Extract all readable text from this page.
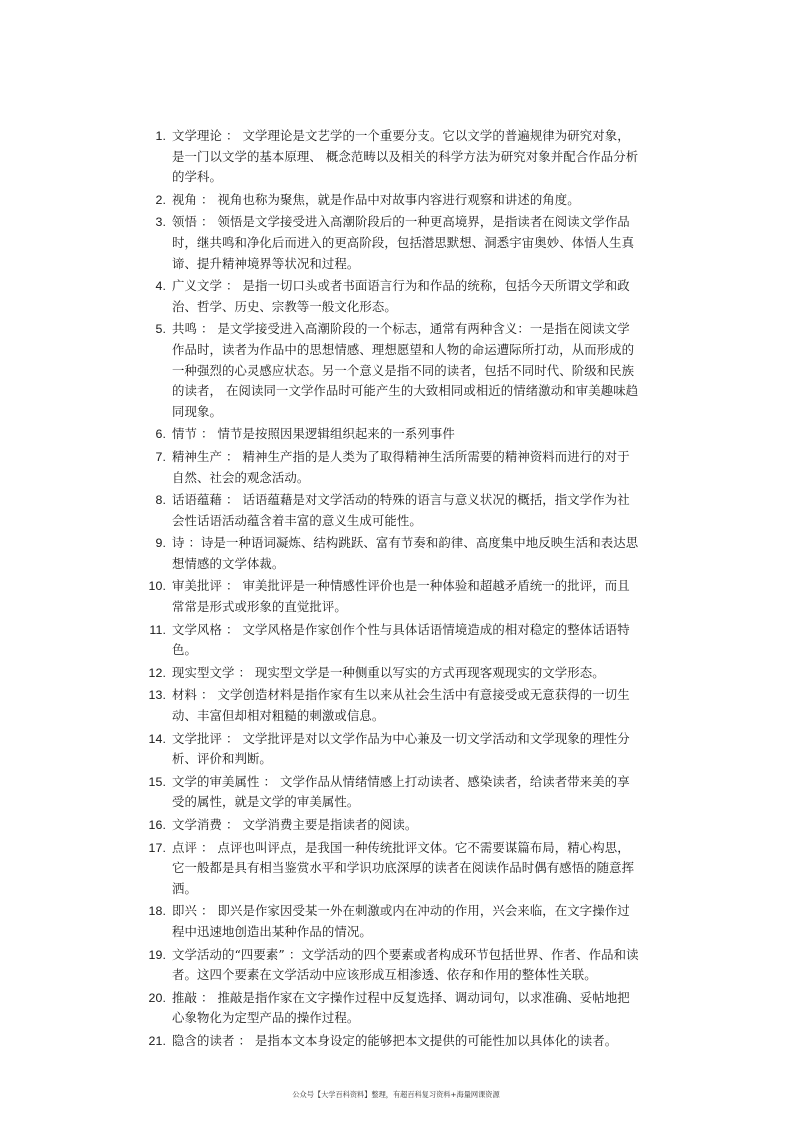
1. 文学理论 ： 文学理论是文艺学的一个重要分支。它以文学的普遍规律为研究对象，是一门以文学的基本原理、 概念范畴以及相关的科学方法为研究对象并配合作品分析的学科。
2. 视角 ： 视角也称为聚焦，就是作品中对故事内容进行观察和讲述的角度。
3. 领悟 ： 领悟是文学接受进入高潮阶段后的一种更高境界，是指读者在阅读文学作品时，继共鸣和净化后而进入的更高阶段，包括潜思默想、洞悉宇宙奥妙、体悟人生真谛、提升精神境界等状况和过程。
4. 广义文学 ： 是指一切口头或者书面语言行为和作品的统称，包括今天所谓文学和政治、哲学、历史、宗教等一般文化形态。
5. 共鸣 ： 是文学接受进入高潮阶段的一个标志，通常有两种含义：一是指在阅读文学作品时，读者为作品中的思想情感、理想愿望和人物的命运遭际所打动，从而形成的一种强烈的心灵感应状态。另一个意义是指不同的读者，包括不同时代、阶级和民族的读者， 在阅读同一文学作品时可能产生的大致相同或相近的情绪激动和审美趣味趋同现象。
6. 情节 ： 情节是按照因果逻辑组织起来的一系列事件
7. 精神生产 ： 精神生产指的是人类为了取得精神生活所需要的精神资料而进行的对于自然、社会的观念活动。
8. 话语蕴藉 ： 话语蕴藉是对文学活动的特殊的语言与意义状况的概括，指文学作为社会性话语活动蕴含着丰富的意义生成可能性。
9. 诗 ：诗是一种语词凝炼、结构跳跃、富有节奏和韵律、高度集中地反映生活和表达思想情感的文学体裁。
10. 审美批评 ： 审美批评是一种情感性评价也是一种体验和超越矛盾统一的批评，而且常常是形式或形象的直觉批评。
11. 文学风格 ： 文学风格是作家创作个性与具体话语情境造成的相对稳定的整体话语特色。
12. 现实型文学 ： 现实型文学是一种侧重以写实的方式再现客观现实的文学形态。
13. 材料 ： 文学创造材料是指作家有生以来从社会生活中有意接受或无意获得的一切生动、丰富但却相对粗糙的刺激或信息。
14. 文学批评 ： 文学批评是对以文学作品为中心兼及一切文学活动和文学现象的理性分析、评价和判断。
15. 文学的审美属性 ： 文学作品从情绪情感上打动读者、感染读者，给读者带来美的享受的属性，就是文学的审美属性。
16. 文学消费 ： 文学消费主要是指读者的阅读。
17. 点评 ： 点评也叫评点，是我国一种传统批评文体。它不需要谋篇布局，精心构思，它一般都是具有相当鉴赏水平和学识功底深厚的读者在阅读作品时偶有感悟的随意挥洒。
18. 即兴 ： 即兴是作家因受某一外在刺激或内在冲动的作用，兴会来临，在文字操作过程中迅速地创造出某种作品的情况。
19. 文学活动的“四要素” ：文学活动的四个要素或者构成环节包括世界、作者、作品和读者。这四个要素在文学活动中应该形成互相渗透、依存和作用的整体性关联。
20. 推敲 ： 推敲是指作家在文字操作过程中反复选择、调动词句，以求准确、妥帖地把心象物化为定型产品的操作过程。
21. 隐含的读者 ： 是指本文本身设定的能够把本文提供的可能性加以具体化的读者。
公众号【大学百科资料】整理，有超百科复习资料+海量网课资源
